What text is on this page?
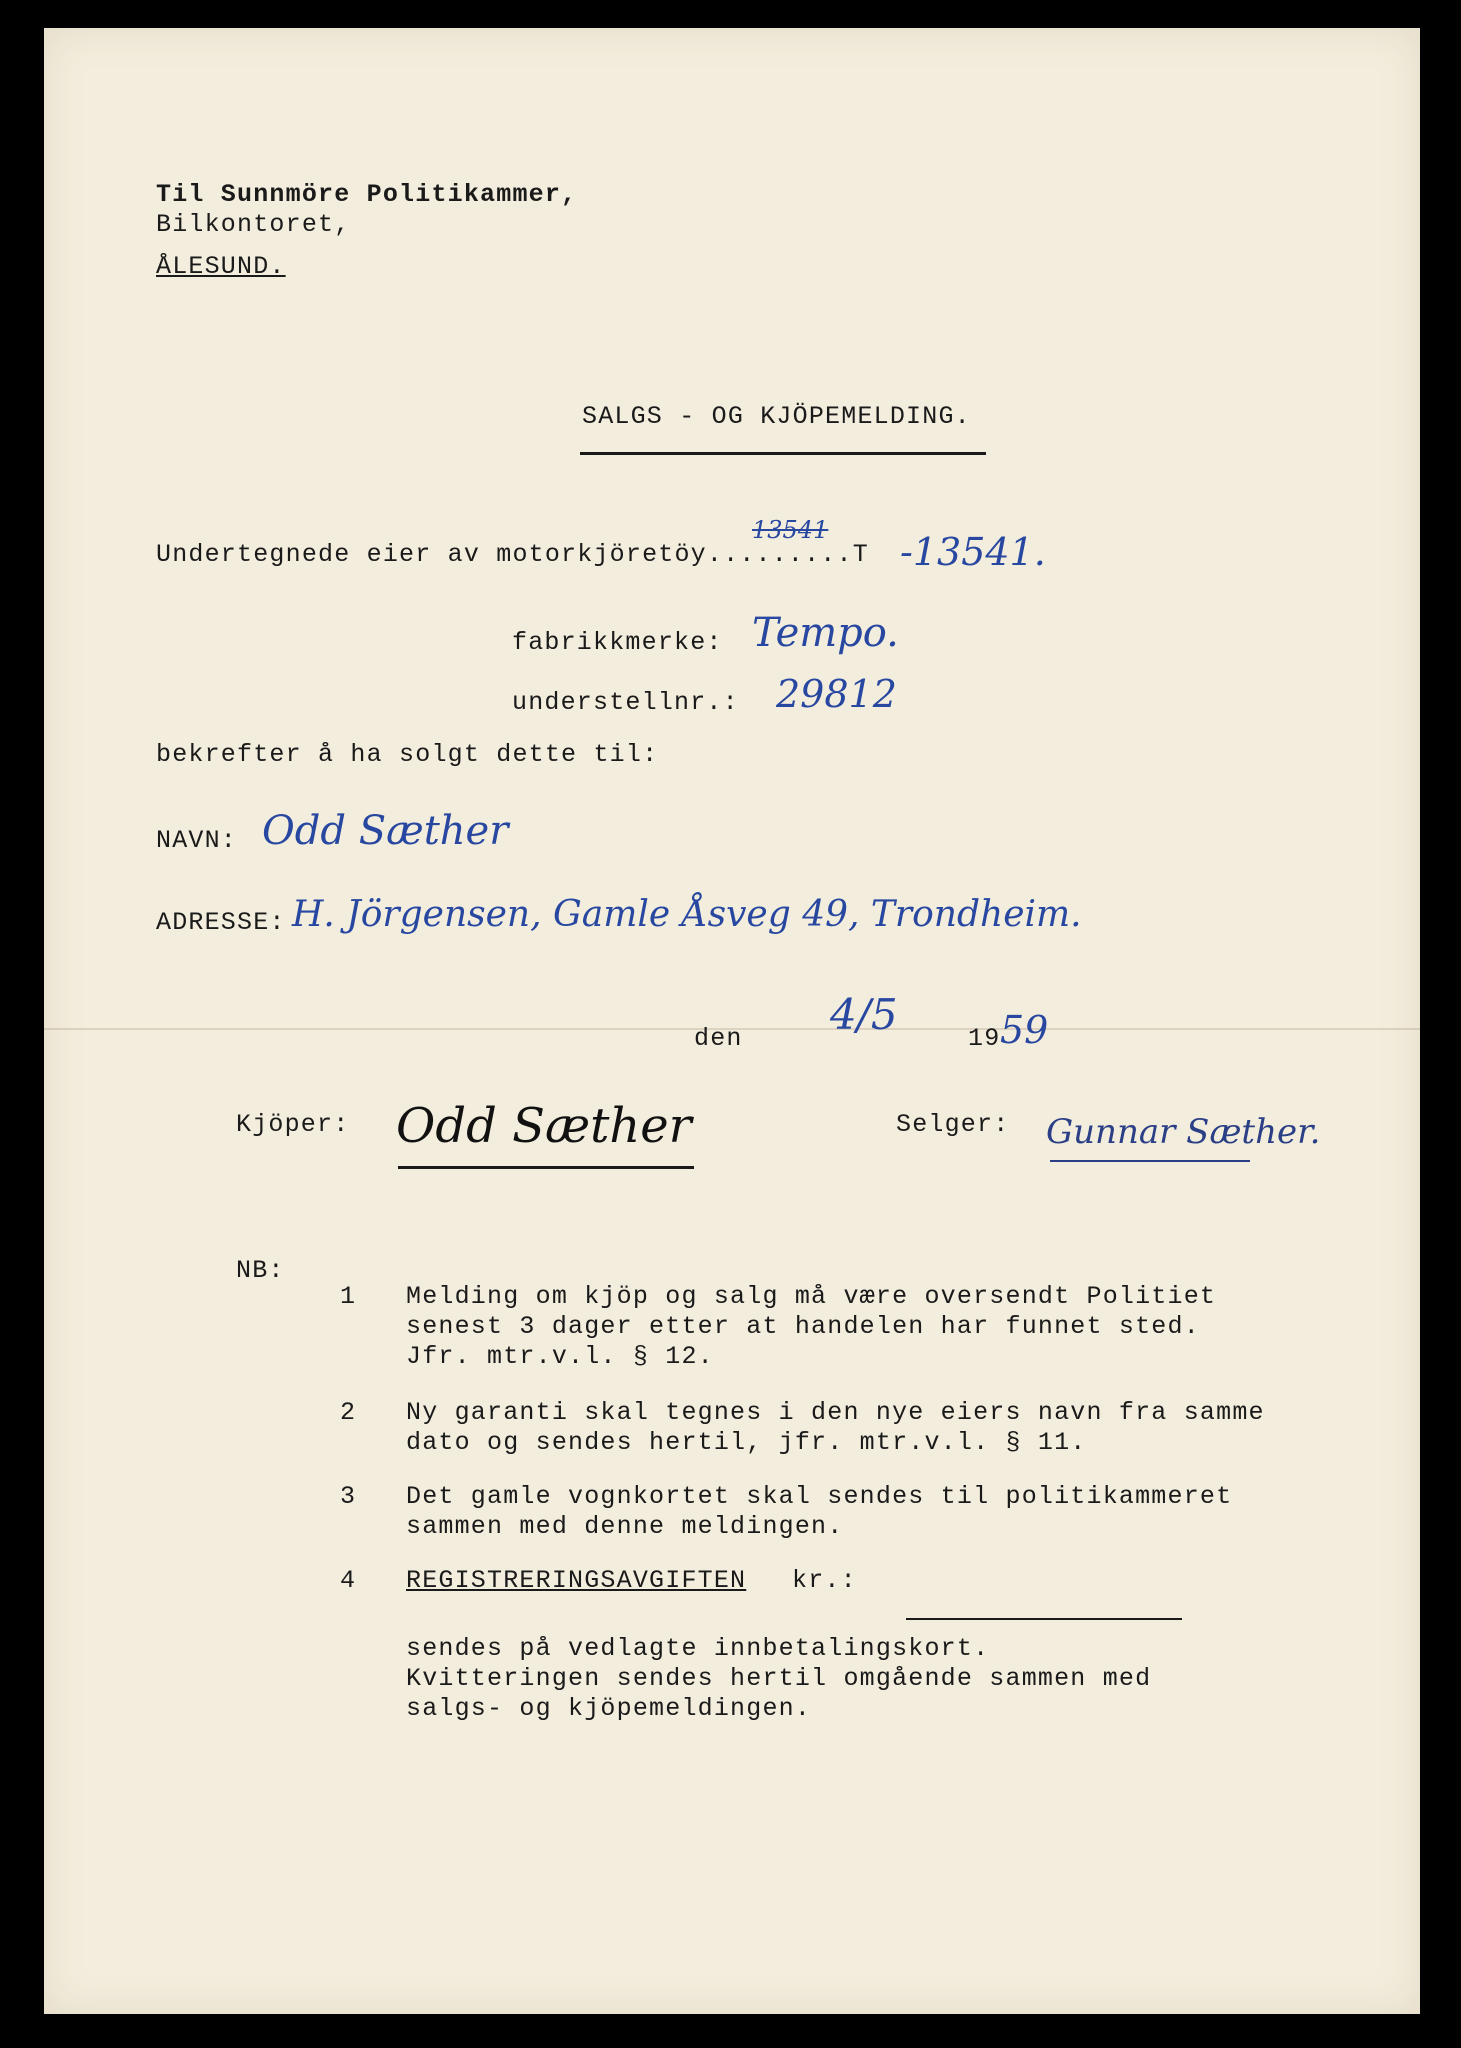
Til Sunnmöre Politikammer,
Bilkontoret,
ÅLESUND.
SALGS - OG KJÖPEMELDING.
Undertegnede eier av motorkjöretöy.........T
13541 -13541.
fabrikkmerke: Tempo.
understellnr.: 29812
bekrefter å ha solgt dette til:
NAVN: Odd Sæther
ADRESSE: H. Jörgensen, Gamle Åsveg 49, Trondheim.
den 4/5	19 59
Kjöper: Odd Sæther	Selger: Gunnar Sæther.
NB:
1 Melding om kjöp og salg må være oversendt Politiet
senest 3 dager etter at handelen har funnet sted.
Jfr. mtr.v.l. § 12.
2 Ny garanti skal tegnes i den nye eiers navn fra samme
dato og sendes hertil, jfr. mtr.v.l. § 11.
3 Det gamle vognkortet skal sendes til politikammeret
sammen med denne meldingen.
4 REGISTRERINGSAVGIFTEN kr.:
sendes på vedlagte innbetalingskort.
Kvitteringen sendes hertil omgående sammen med
salgs- og kjöpemeldingen.
